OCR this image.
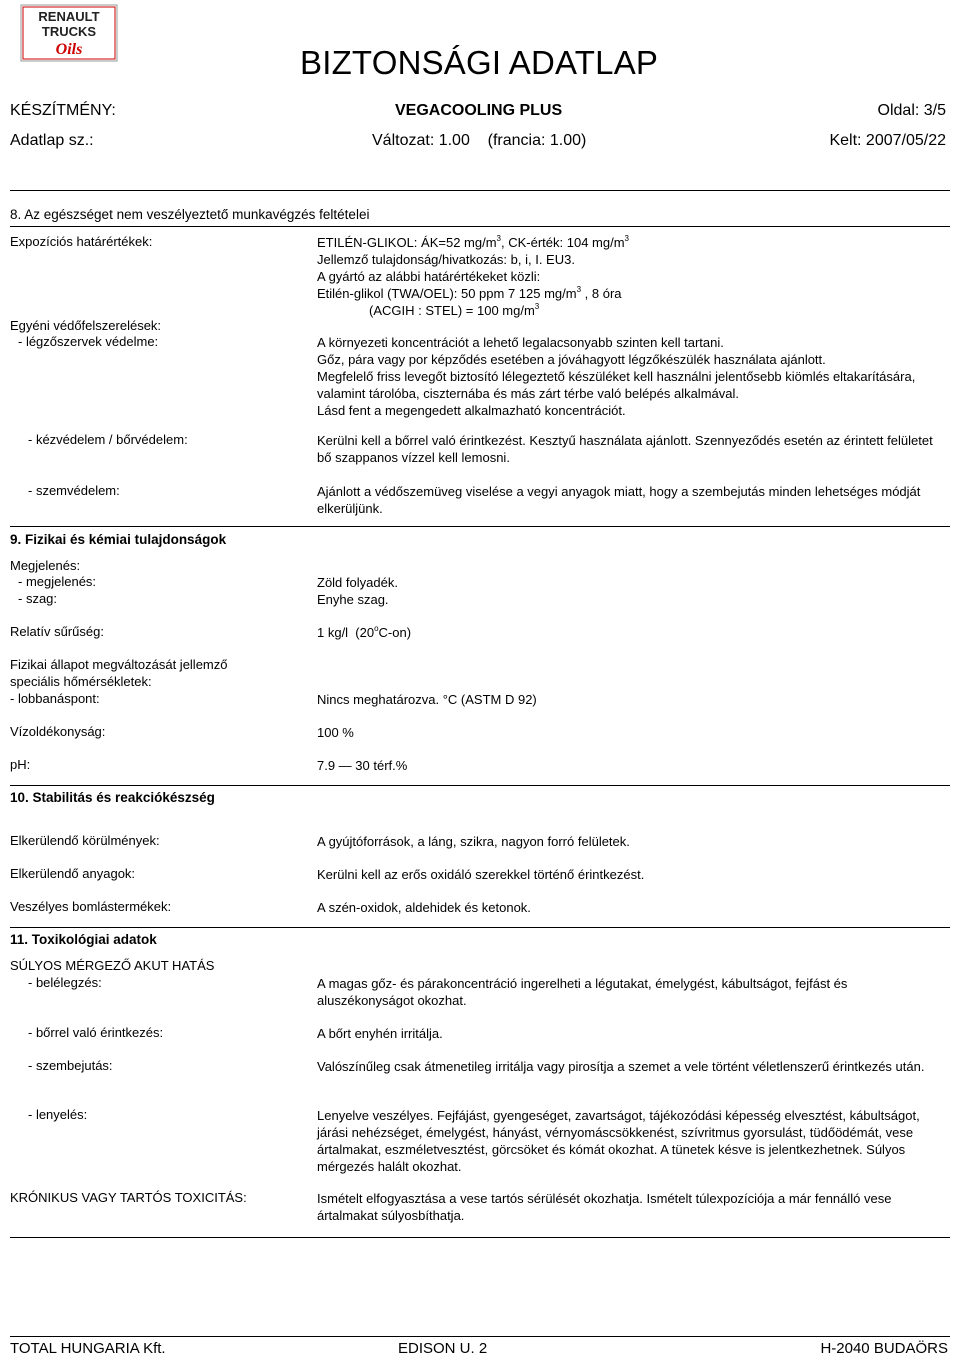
RENAULT
TRUCKS
Oils	BIZTONSÁGI ADATLAP
KÉSZÍTMÉNY:	VEGACOOLING PLUS	Oldal: 3/5
Adatlap sz.:	Változat: 1.00    (francia: 1.00)	Kelt: 2007/05/22
8. Az egészséget nem veszélyeztető munkavégzés feltételei
Expozíciós határértékek:	ETILÉN-GLIKOL: ÁK=52 $mg/m^3$, CK-érték: 104 $mg/m^3$

Jellemző tulajdonság/hivatkozás: b, i, I. EU3.

A gyártó az alábbi határértékeket közli:

Etilén-glikol (TWA/OEL): 50 ppm 7 125 $mg/m^3$ , 8 óra

(ACGIH : STEL) = 100 $mg/m^3$

Egyéni védőfelszerelések:
- légzőszervek védelme:	A környezeti koncentrációt a lehető legalacsonyabb szinten kell tartani.

Gőz, pára vagy por képződés esetében a jóváhagyott légzőkészülék használata ajánlott.

Megfelelő friss levegőt biztosító lélegeztető készüléket kell használni jelentősebb kiömlés eltakarítására, valamint tárolóba, ciszternába és más zárt térbe való belépés alkalmával.

Lásd fent a megengedett alkalmazható koncentrációt.

- kézvédelem / bőrvédelem:	Kerülni kell a bőrrel való érintkezést. Kesztyű használata ajánlott. Szennyeződés esetén az érintett felületet bő szappanos vízzel kell lemosni.
- szemvédelem:	Ajánlott a védőszemüveg viselése a vegyi anyagok miatt, hogy a szembejutás minden lehetséges módját elkerüljünk.
9. Fizikai és kémiai tulajdonságok
Megjelenés:
- megjelenés:	Zöld folyadék.
- szag:	Enyhe szag.
Relatív sűrűség:	1 kg/l  (20$^o$C-on)
Fizikai állapot megváltozását jellemző
speciális hőmérsékletek:
- lobbanáspont:	Nincs meghatározva. °C (ASTM D 92)
Vízoldékonyság:	100 %
pH:	7.9 — 30 térf.%
10. Stabilitás és reakciókészség
Elkerülendő körülmények:	A gyújtóforrások, a láng, szikra, nagyon forró felületek.
Elkerülendő anyagok:	Kerülni kell az erős oxidáló szerekkel történő érintkezést.
Veszélyes bomlástermékek:	A szén-oxidok, aldehidek és ketonok.
11. Toxikológiai adatok
SÚLYOS MÉRGEZŐ AKUT HATÁS
- belélegzés:	A magas gőz- és párakoncentráció ingerelheti a légutakat, émelygést, kábultságot, fejfást és aluszékonyságot okozhat.
- bőrrel való érintkezés:	A bőrt enyhén irritálja.
- szembejutás:	Valószínűleg csak átmenetileg irritálja vagy pirosítja a szemet a vele történt véletlenszerű érintkezés után.
- lenyelés:	Lenyelve veszélyes. Fejfájást, gyengeséget, zavartságot, tájékozódási képesség elvesztést, kábultságot, járási nehézséget, émelygést, hányást, vérnyomáscsökkenést, szívritmus gyorsulást, tüdőödémát, vese ártalmakat, eszméletvesztést, görcsöket és kómát okozhat. A tünetek késve is jelentkezhetnek. Súlyos mérgezés halált okozhat.
KRÓNIKUS VAGY TARTÓS TOXICITÁS:	Ismételt elfogyasztása a vese tartós sérülését okozhatja. Ismételt túlexpozíciója a már fennálló vese ártalmakat súlyosbíthatja.
TOTAL HUNGARIA Kft.	EDISON U. 2	H-2040 BUDAÖRS
